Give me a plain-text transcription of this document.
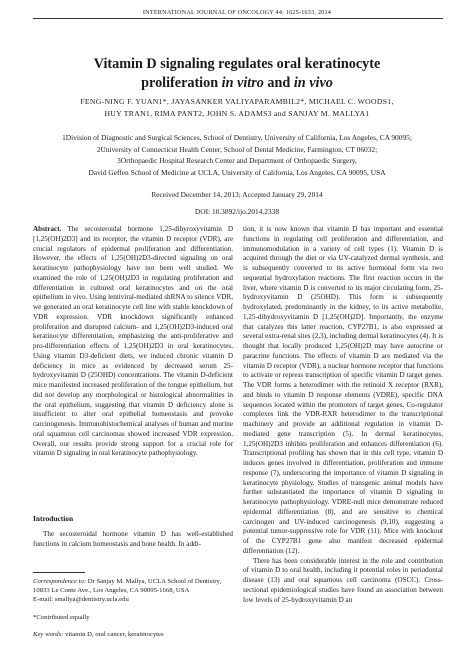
INTERNATIONAL JOURNAL OF ONCOLOGY 44: 1625-1633, 2014
Vitamin D signaling regulates oral keratinocyte
proliferation in vitro and in vivo
FENG-NING F. YUAN1*, JAYASANKER VALIYAPARAMBIL2*, MICHAEL C. WOODS1,
HUY TRAN1, RIMA PANT2, JOHN S. ADAMS3 and SANJAY M. MALLYA1

1Division of Diagnostic and Surgical Sciences, School of Dentistry, University of California, Los Angeles, CA 90095;

2University of Connecticut Health Center, School of Dental Medicine, Farmington, CT 06032;

3Orthopaedic Hospital Research Center and Department of Orthopaedic Surgery,

David Geffen School of Medicine at UCLA, University of California, Los Angeles, CA 90095, USA

Received December 14, 2013; Accepted January 29, 2014
DOI: 10.3892/ijo.2014.2338

Abstract. The secosteroidal hormone 1,25-dihyroxyvitamin D [1,25(OH)2D3] and its receptor, the vitamin D receptor (VDR), are crucial regulators of epidermal proliferation and differentiation. However, the effects of 1,25(OH)2D3-directed signaling on oral keratinocyte pathophysiology have not been well studied. We examined the role of 1,25(OH)2D3 in regulating proliferation and differentiation in cultured oral keratinocytes and on the oral epithelium in vivo. Using lentiviral-mediated shRNA to silence VDR, we generated an oral keratinocyte cell line with stable knockdown of VDR expression. VDR knockdown significantly enhanced proliferation and disrupted calcium- and 1,25(OH)2D3-induced oral keratinocyte differentiation, emphasizing the anti-proliferative and pro-differentiation effects of 1,25(OH)2D3 in oral keratinocytes. Using vitamin D3-deficient diets, we induced chronic vitamin D deficiency in mice as evidenced by decreased serum 25-hydroxyvitamin D (25OHD) concentrations. The vitamin D-deficient mice manifested increased proliferation of the tongue epithelium, but did not develop any morphological or histological abnormalities in the oral epithelium, suggesting that vitamin D deficiency alone is insufficient to alter oral epithelial homeostasis and provoke carcinogenesis. Immunohistochemical analyses of human and murine oral squamous cell carcinomas showed increased VDR expression. Overall, our results provide strong support for a crucial role for vitamin D signaling in oral keratinocyte pathophysiology.

Introduction

The secosteroidal hormone vitamin D has well-established functions in calcium homeostasis and bone health. In addi-

Correspondence to: Dr Sanjay M. Mallya, UCLA School of Dentistry, 10833 Le Conte Ave., Los Angeles, CA 90095-1668, USA

E-mail: smallya@dentistry.ucla.edu

*Contributed equally
Key words: vitamin D, oral cancer, keratinocytes

tion, it is now known that vitamin D has important and essential functions in regulating cell proliferation and differentiation, and immunomodulation in a variety of cell types (1). Vitamin D is acquired through the diet or via UV-catalyzed dermal synthesis, and is subsequently converted to its active hormonal form via two sequential hydroxylation reactions. The first reaction occurs in the liver, where vitamin D is converted to its major circulating form, 25-hydroxyvitamin D (25OHD). This form is subsequently hydroxylated, predominantly in the kidney, to its active metabolite, 1,25-dihydroxyvitamin D [1,25(OH)2D]. Importantly, the enzyme that catalyzes this latter reaction, CYP27B1, is also expressed at several extra-renal sites (2,3), including dermal keratinocytes (4). It is thought that locally produced 1,25(OH)2D may have autocrine or paracrine functions. The effects of vitamin D are mediated via the vitamin D receptor (VDR), a nuclear hormone receptor that functions to activate or repress transcription of specific vitamin D target genes. The VDR forms a heterodimer with the retinoid X receptor (RXR), and binds to vitamin D response elements (VDRE), specific DNA sequences located within the promoters of target genes. Co-regulator complexes link the VDR-RXR heterodimer to the transcriptional machinery and provide an additional regulation in vitamin D-mediated gene transcription (5). In dermal keratinocytes, 1,25(OH)2D3 inhibits proliferation and enhances differentiation (6). Transcriptional profiling has shown that in this cell type, vitamin D induces genes involved in differentiation, proliferation and immune response (7), underscoring the importance of vitamin D signaling in keratinocyte physiology. Studies of transgenic animal models have further substantiated the importance of vitamin D signaling in keratinocyte pathophysiology. VDRE-null mice demonstrate reduced epidermal differentiation (8), and are sensitive to chemical carcinogen and UV-induced carcinogenesis (9,10), suggesting a potential tumor-suppressive role for VDR (11). Mice with knockout of the CYP27B1 gene also manifest decreased epidermal differentiation (12).

There has been considerable interest in the role and contribution of vitamin D to oral health, including it potential roles in periodontal disease (13) and oral squamous cell carcinoma (OSCC). Cross-sectional epidemiological studies have found an association between low levels of 25-hydroxyvitamin D an
